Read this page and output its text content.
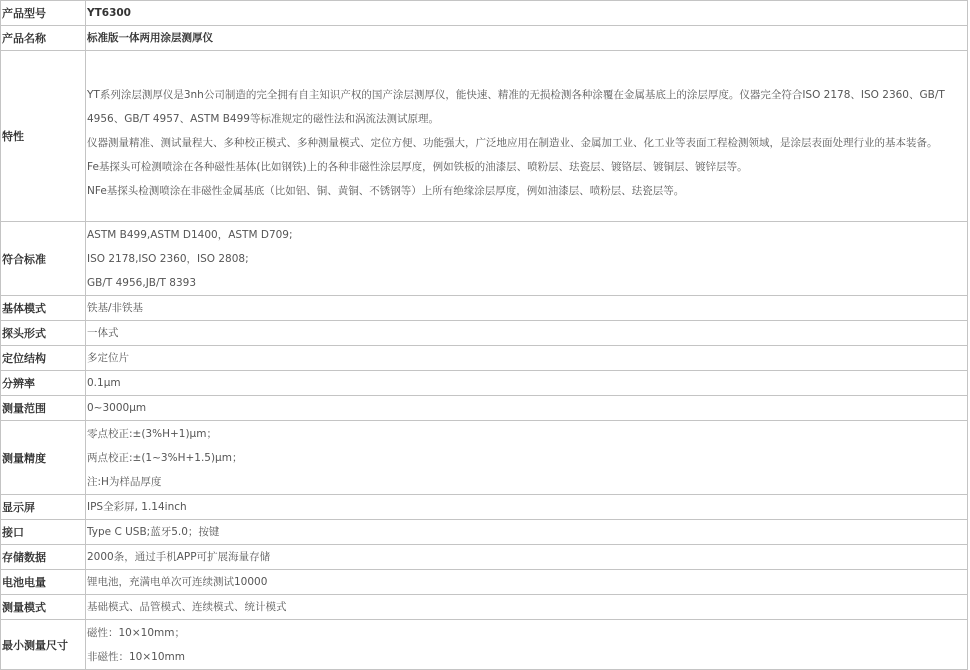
产品型号	YT6300

产品名称	标准版一体两用涂层测厚仪

特性	YT系列涂层测厚仪是3nh公司制造的完全拥有自主知识产权的国产涂层测厚仪，能快速、精准的无损检测各种涂覆在金属基底上的涂层厚度。仪器完全符合ISO 2178、ISO 2360、GB/T 4956、GB/T 4957、ASTM B499等标准规定的磁性法和涡流法测试原理。
仪器测量精准、测试量程大、多种校正模式、多种测量模式、定位方便、功能强大，广泛地应用在制造业、金属加工业、化工业等表面工程检测领域，是涂层表面处理行业的基本装备。
Fe基探头可检测喷涂在各种磁性基体(比如钢铁)上的各种非磁性涂层厚度，例如铁板的油漆层、喷粉层、珐瓷层、镀铬层、镀铜层、镀锌层等。
NFe基探头检测喷涂在非磁性金属基底（比如铝、铜、黄铜、不锈钢等）上所有绝缘涂层厚度，例如油漆层、喷粉层、珐瓷层等。

符合标准	ASTM B499,ASTM D1400，ASTM D709;
ISO 2178,ISO 2360，ISO 2808;
GB/T 4956,JB/T 8393

基体模式	铁基/非铁基

探头形式	一体式

定位结构	多定位片

分辨率	0.1μm

测量范围	0~3000μm

测量精度	零点校正:±(3%H+1)μm；
两点校正:±(1~3%H+1.5)μm；
注:H为样品厚度

显示屏	IPS全彩屏, 1.14inch

接口	Type C USB;蓝牙5.0；按键

存储数据	2000条，通过手机APP可扩展海量存储

电池电量	锂电池，充满电单次可连续测试10000

测量模式	基础模式、品管模式、连续模式、统计模式

最小测量尺寸	磁性：10×10mm；
非磁性：10×10mm
